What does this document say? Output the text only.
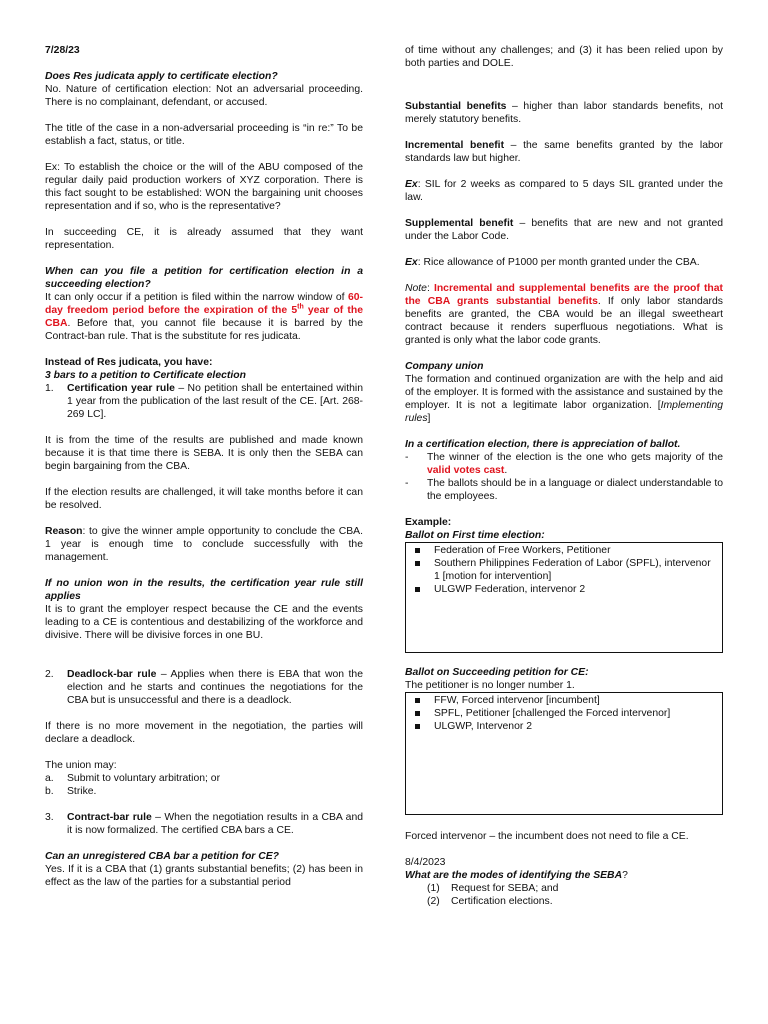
7/28/23

Does Res judicata apply to certificate election?

No. Nature of certification election: Not an adversarial proceeding. There is no complainant, defendant, or accused.

The title of the case in a non-adversarial proceeding is “in re:” To be establish a fact, status, or title.

Ex: To establish the choice or the will of the ABU composed of the regular daily paid production workers of XYZ corporation. There is this fact sought to be established: WON the bargaining unit chooses representation and if so, who is the representative?

In succeeding CE, it is already assumed that they want representation.

When can you file a petition for certification election in a succeeding election?

It can only occur if a petition is filed within the narrow window of 60-day freedom period before the expiration of the 5th year of the CBA. Before that, you cannot file because it is barred by the Contract-ban rule. That is the substitute for res judicata.

Instead of Res judicata, you have:

3 bars to a petition to Certificate election

1. Certification year rule – No petition shall be entertained within 1 year from the publication of the last result of the CE. [Art. 268-269 LC].

It is from the time of the results are published and made known because it is that time there is SEBA. It is only then the SEBA can begin bargaining from the CBA.

If the election results are challenged, it will take months before it can be resolved.

Reason: to give the winner ample opportunity to conclude the CBA. 1 year is enough time to conclude successfully with the management.

If no union won in the results, the certification year rule still applies

It is to grant the employer respect because the CE and the events leading to a CE is contentious and destabilizing of the workforce and divisive. There will be divisive forces in one BU.

2. Deadlock-bar rule – Applies when there is EBA that won the election and he starts and continues the negotiations for the CBA but is unsuccessful and there is a deadlock.

If there is no more movement in the negotiation, the parties will declare a deadlock.

The union may:

a. Submit to voluntary arbitration; or
b. Strike.
3. Contract-bar rule – When the negotiation results in a CBA and it is now formalized. The certified CBA bars a CE.

Can an unregistered CBA bar a petition for CE?

Yes. If it is a CBA that (1) grants substantial benefits; (2) has been in effect as the law of the parties for a substantial period

of time without any challenges; and (3) it has been relied upon by both parties and DOLE.

Substantial benefits – higher than labor standards benefits, not merely statutory benefits.

Incremental benefit – the same benefits granted by the labor standards law but higher.

Ex: SIL for 2 weeks as compared to 5 days SIL granted under the law.

Supplemental benefit – benefits that are new and not granted under the Labor Code.

Ex: Rice allowance of P1000 per month granted under the CBA.

Note: Incremental and supplemental benefits are the proof that the CBA grants substantial benefits. If only labor standards benefits are granted, the CBA would be an illegal sweetheart contract because it renders superfluous negotiations. What is granted is only what the labor code grants.

Company union

The formation and continued organization are with the help and aid of the employer. It is formed with the assistance and sustained by the employer. It is not a legitimate labor organization. [Implementing rules]

In a certification election, there is appreciation of ballot.

- The winner of the election is the one who gets majority of the valid votes cast.
- The ballots should be in a language or dialect understandable to the employees.

Example:

Ballot on First time election:

Federation of Free Workers, Petitioner
Southern Philippines Federation of Labor (SPFL), intervenor 1 [motion for intervention]
ULGWP Federation, intervenor 2

Ballot on Succeeding petition for CE:

The petitioner is no longer number 1.

FFW, Forced intervenor [incumbent]
SPFL, Petitioner [challenged the Forced intervenor]
ULGWP, Intervenor 2

Forced intervenor – the incumbent does not need to file a CE.

8/4/2023

What are the modes of identifying the SEBA?

(1) Request for SEBA; and
(2) Certification elections.
